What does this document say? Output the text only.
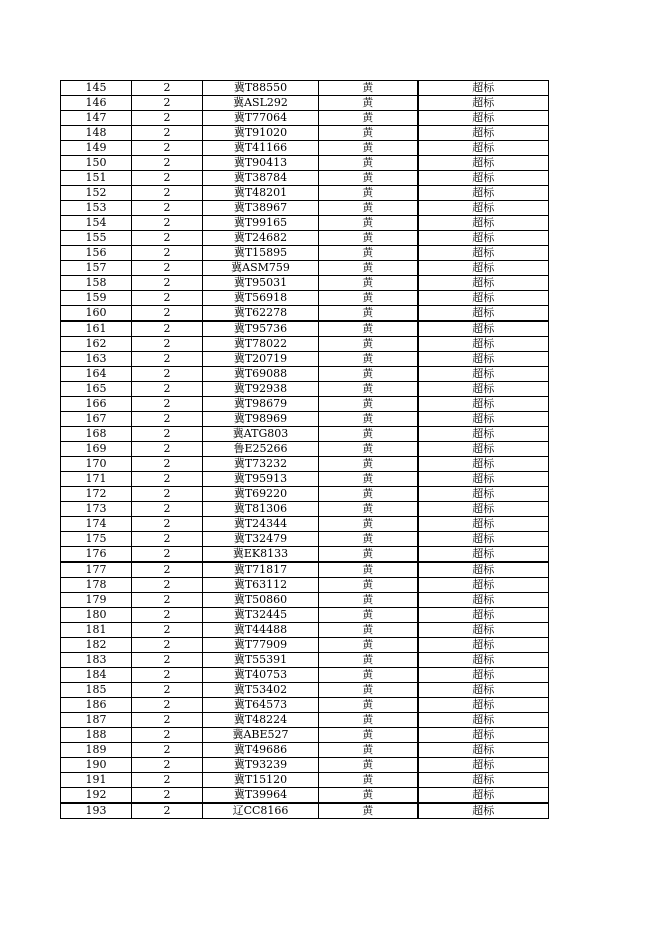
145	2	冀T88550	黄	超标
146	2	冀ASL292	黄	超标
147	2	冀T77064	黄	超标
148	2	冀T91020	黄	超标
149	2	冀T41166	黄	超标
150	2	冀T90413	黄	超标
151	2	冀T38784	黄	超标
152	2	冀T48201	黄	超标
153	2	冀T38967	黄	超标
154	2	冀T99165	黄	超标
155	2	冀T24682	黄	超标
156	2	冀T15895	黄	超标
157	2	冀ASM759	黄	超标
158	2	冀T95031	黄	超标
159	2	冀T56918	黄	超标
160	2	冀T62278	黄	超标
161	2	冀T95736	黄	超标
162	2	冀T78022	黄	超标
163	2	冀T20719	黄	超标
164	2	冀T69088	黄	超标
165	2	冀T92938	黄	超标
166	2	冀T98679	黄	超标
167	2	冀T98969	黄	超标
168	2	冀ATG803	黄	超标
169	2	鲁E25266	黄	超标
170	2	冀T73232	黄	超标
171	2	冀T95913	黄	超标
172	2	冀T69220	黄	超标
173	2	冀T81306	黄	超标
174	2	冀T24344	黄	超标
175	2	冀T32479	黄	超标
176	2	冀EK8133	黄	超标
177	2	冀T71817	黄	超标
178	2	冀T63112	黄	超标
179	2	冀T50860	黄	超标
180	2	冀T32445	黄	超标
181	2	冀T44488	黄	超标
182	2	冀T77909	黄	超标
183	2	冀T55391	黄	超标
184	2	冀T40753	黄	超标
185	2	冀T53402	黄	超标
186	2	冀T64573	黄	超标
187	2	冀T48224	黄	超标
188	2	冀ABE527	黄	超标
189	2	冀T49686	黄	超标
190	2	冀T93239	黄	超标
191	2	冀T15120	黄	超标
192	2	冀T39964	黄	超标
193	2	辽CC8166	黄	超标
